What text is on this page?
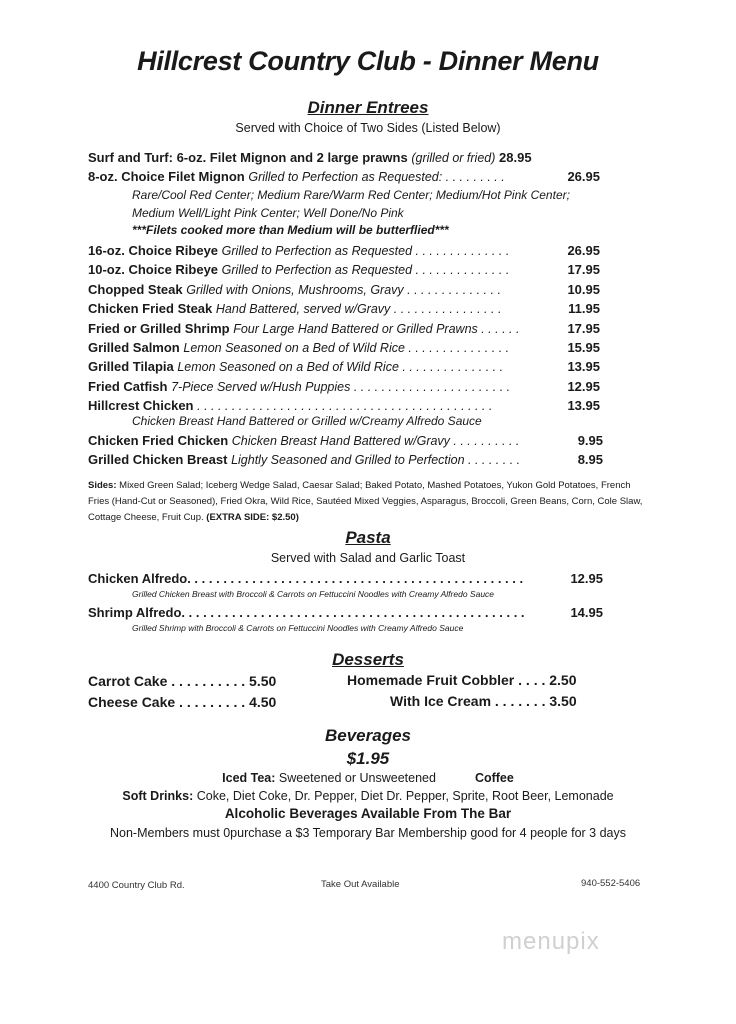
Hillcrest Country Club - Dinner Menu
Dinner Entrees
Served with Choice of Two Sides (Listed Below)
Surf and Turf: 6-oz. Filet Mignon and 2 large prawns (grilled or fried) 28.95
8-oz. Choice Filet Mignon Grilled to Perfection as Requested: . . . . . . . . .	26.95
Rare/Cool Red Center; Medium Rare/Warm Red Center; Medium/Hot Pink Center;
Medium Well/Light Pink Center; Well Done/No Pink
***Filets cooked more than Medium will be butterflied***
16-oz. Choice Ribeye Grilled to Perfection as Requested . . . . . . . . . . . . . .	26.95
10-oz. Choice Ribeye Grilled to Perfection as Requested . . . . . . . . . . . . . .	17.95
Chopped Steak Grilled with Onions, Mushrooms, Gravy . . . . . . . . . . . . . .	10.95
Chicken Fried Steak Hand Battered, served w/Gravy . . . . . . . . . . . . . . . .	11.95
Fried or Grilled Shrimp Four Large Hand Battered or Grilled Prawns . . . . . .	17.95
Grilled Salmon Lemon Seasoned on a Bed of Wild Rice . . . . . . . . . . . . . . .	15.95
Grilled Tilapia Lemon Seasoned on a Bed of Wild Rice . . . . . . . . . . . . . . .	13.95
Fried Catfish 7-Piece Served w/Hush Puppies . . . . . . . . . . . . . . . . . . . . . . .	12.95
Hillcrest Chicken . . . . . . . . . . . . . . . . . . . . . . . . . . . . . . . . . . . . . . . . . . .	13.95
Chicken Breast Hand Battered or Grilled w/Creamy Alfredo Sauce
Chicken Fried Chicken Chicken Breast Hand Battered w/Gravy . . . . . . . . . .	9.95
Grilled Chicken Breast Lightly Seasoned and Grilled to Perfection . . . . . . . .	8.95
Sides: Mixed Green Salad; Iceberg Wedge Salad, Caesar Salad; Baked Potato, Mashed Potatoes, Yukon Gold Potatoes, French Fries (Hand-Cut or Seasoned), Fried Okra, Wild Rice, Sautéed Mixed Veggies, Asparagus, Broccoli, Green Beans, Corn, Cole Slaw, Cottage Cheese, Fruit Cup. (EXTRA SIDE: $2.50)
Pasta
Served with Salad and Garlic Toast
Chicken Alfredo. . . . . . . . . . . . . . . . . . . . . . . . . . . . . . . . . . . . . . . . . . . . . . .	12.95
Grilled Chicken Breast with Broccoli & Carrots on Fettuccini Noodles with Creamy Alfredo Sauce
Shrimp Alfredo. . . . . . . . . . . . . . . . . . . . . . . . . . . . . . . . . . . . . . . . . . . . . . . .	14.95
Grilled Shrimp with Broccoli & Carrots on Fettuccini Noodles with Creamy Alfredo Sauce
Desserts
Carrot Cake . . . . . . . . . . 5.50
Cheese Cake . . . . . . . . . 4.50
Homemade Fruit Cobbler . . . . 2.50
With Ice Cream . . . . . . . 3.50
Beverages
$1.95
Iced Tea: Sweetened or Unsweetened	Coffee
Soft Drinks: Coke, Diet Coke, Dr. Pepper, Diet Dr. Pepper, Sprite, Root Beer, Lemonade
Alcoholic Beverages Available From The Bar
Non-Members must 0purchase a $3 Temporary Bar Membership good for 4 people for 3 days
4400 Country Club Rd.	Take Out Available	940-552-5406
menupix
